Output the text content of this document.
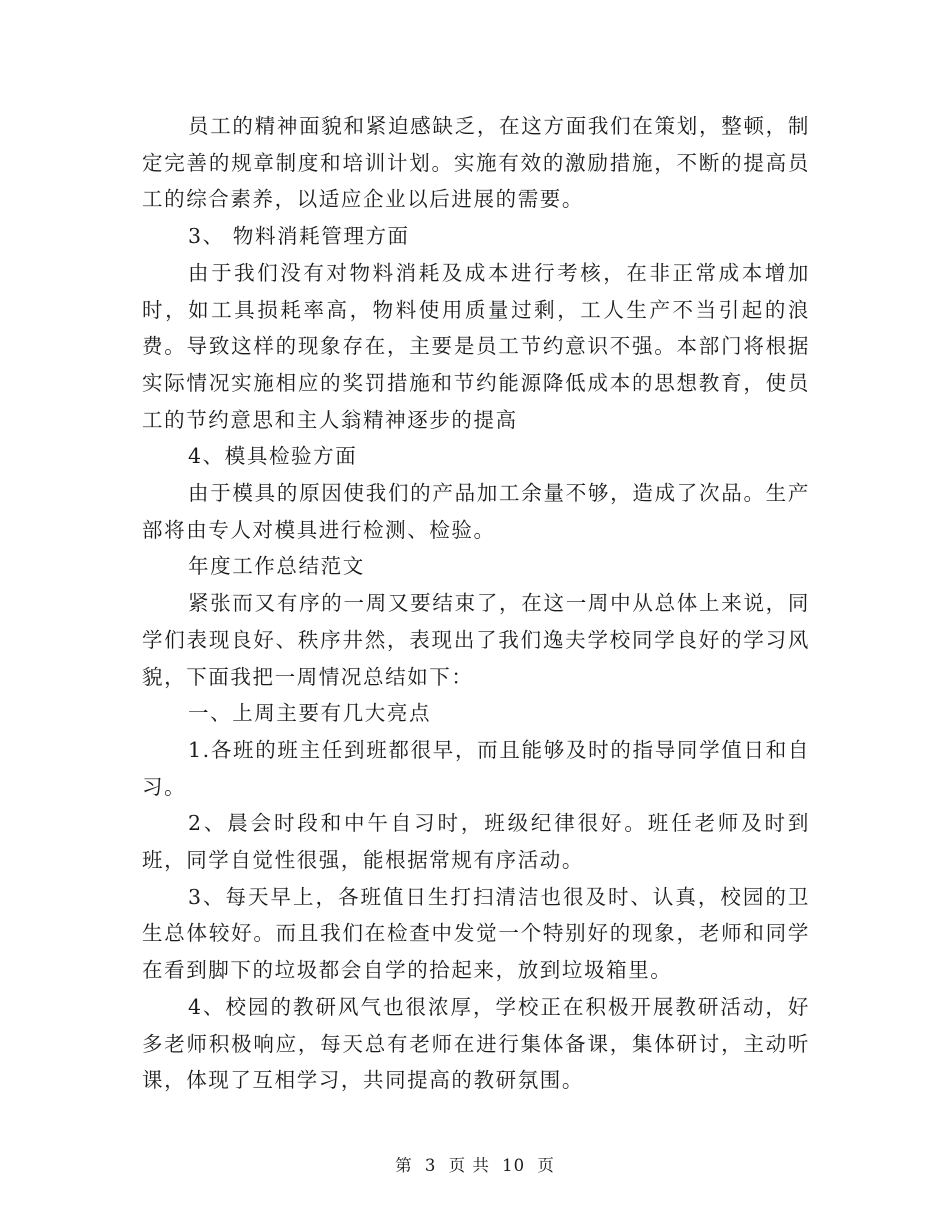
员工的精神面貌和紧迫感缺乏，在这方面我们在策划，整顿，制定完善的规章制度和培训计划。实施有效的激励措施，不断的提高员工的综合素养，以适应企业以后进展的需要。

3、 物料消耗管理方面

由于我们没有对物料消耗及成本进行考核，在非正常成本增加时，如工具损耗率高，物料使用质量过剩，工人生产不当引起的浪费。导致这样的现象存在，主要是员工节约意识不强。本部门将根据实际情况实施相应的奖罚措施和节约能源降低成本的思想教育，使员工的节约意思和主人翁精神逐步的提高

4、模具检验方面

由于模具的原因使我们的产品加工余量不够，造成了次品。生产部将由专人对模具进行检测、检验。

年度工作总结范文

紧张而又有序的一周又要结束了，在这一周中从总体上来说，同学们表现良好、秩序井然，表现出了我们逸夫学校同学良好的学习风貌，下面我把一周情况总结如下：

一、上周主要有几大亮点

1.各班的班主任到班都很早，而且能够及时的指导同学值日和自习。

2、晨会时段和中午自习时，班级纪律很好。班任老师及时到班，同学自觉性很强，能根据常规有序活动。

3、每天早上，各班值日生打扫清洁也很及时、认真，校园的卫生总体较好。而且我们在检查中发觉一个特别好的现象，老师和同学在看到脚下的垃圾都会自学的拾起来，放到垃圾箱里。

4、校园的教研风气也很浓厚，学校正在积极开展教研活动，好多老师积极响应，每天总有老师在进行集体备课，集体研讨，主动听课，体现了互相学习，共同提高的教研氛围。

第 3 页 共 10 页
